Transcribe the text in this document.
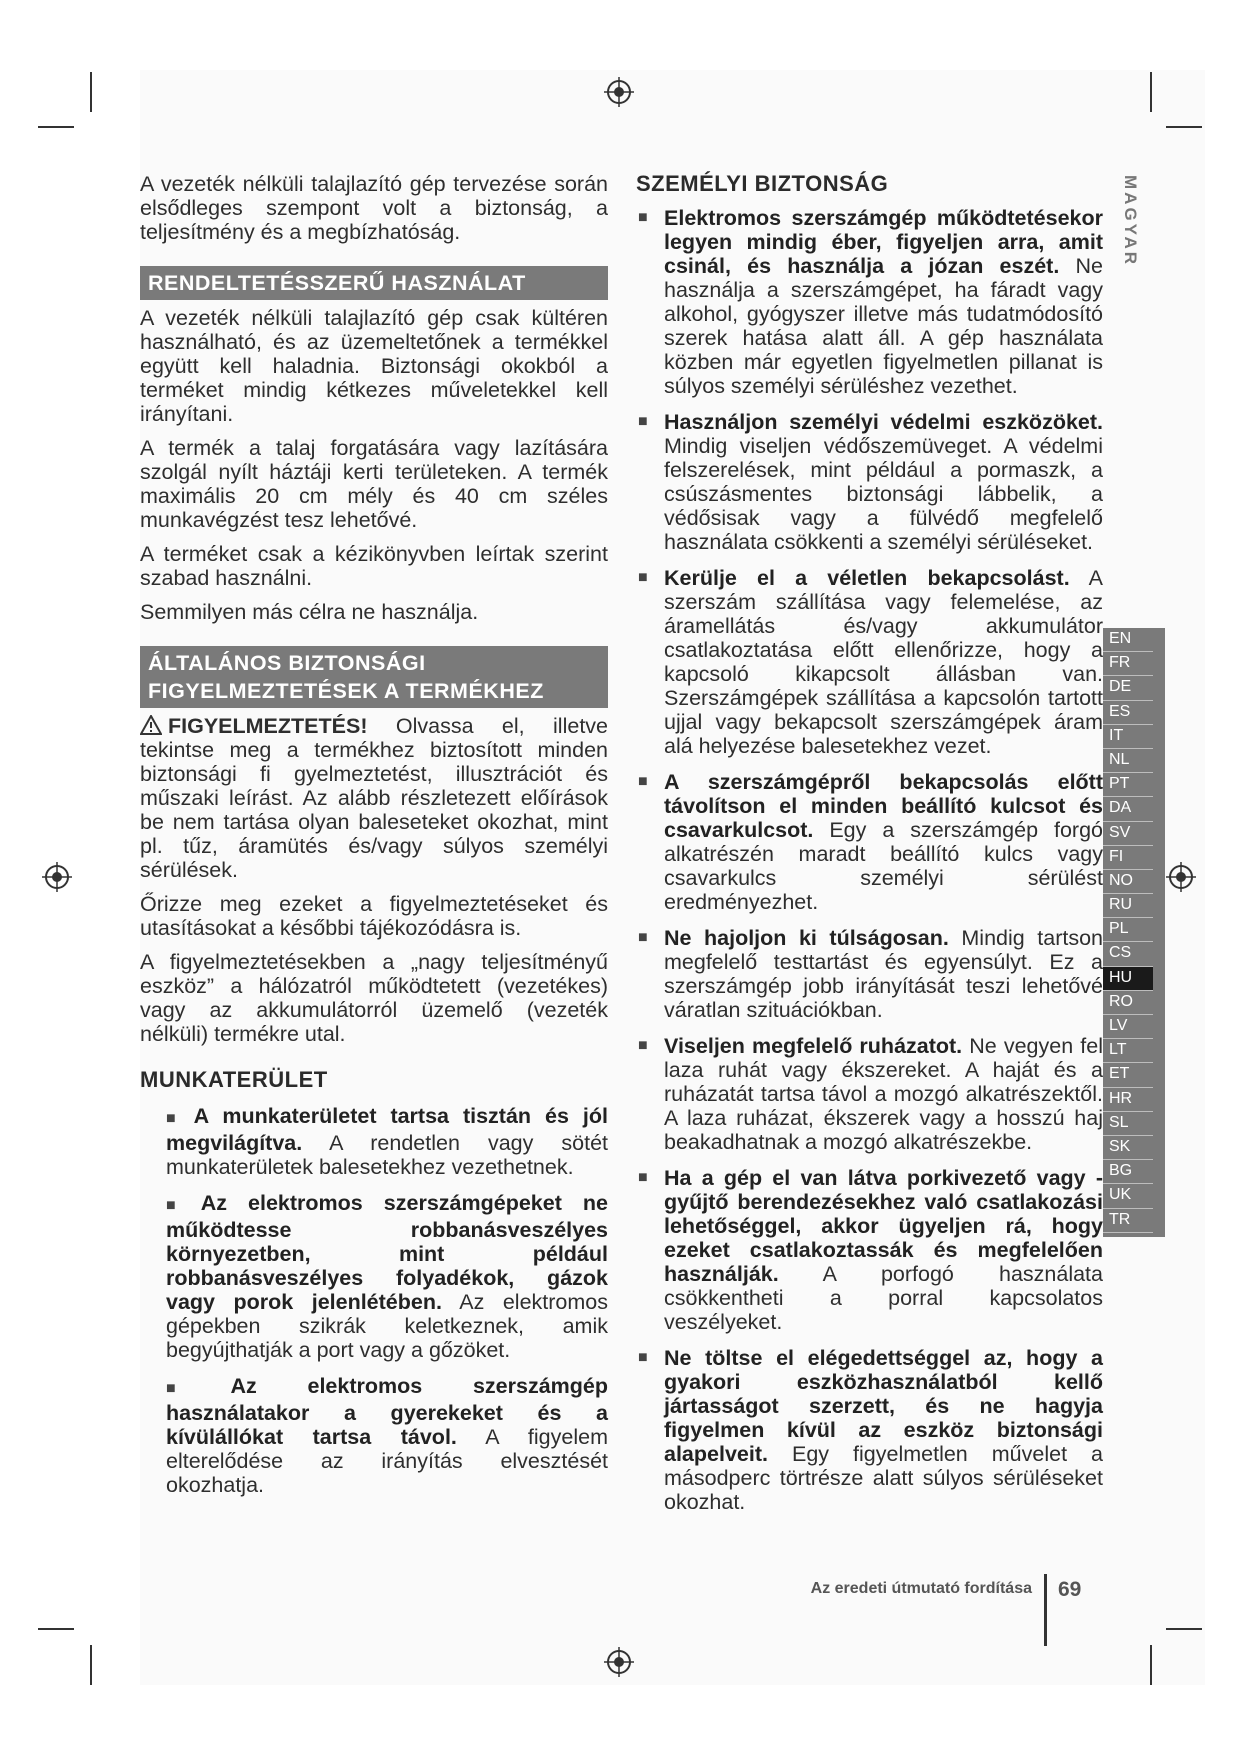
A vezeték nélküli talajlazító gép tervezése során elsődleges szempont volt a biztonság, a teljesítmény és a megbízhatóság.

RENDELTETÉSSZERŰ HASZNÁLAT

A vezeték nélküli talajlazító gép csak kültéren használható, és az üzemeltetőnek a termékkel együtt kell haladnia. Biztonsági okokból a terméket mindig kétkezes műveletekkel kell irányítani.

A termék a talaj forgatására vagy lazítására szolgál nyílt háztáji kerti területeken. A termék maximális 20 cm mély és 40 cm széles munkavégzést tesz lehetővé.

A terméket csak a kézikönyvben leírtak szerint szabad használni.

Semmilyen más célra ne használja.

ÁLTALÁNOS BIZTONSÁGI
FIGYELMEZTETÉSEK A TERMÉKHEZ

FIGYELMEZTETÉS! Olvassa el, illetve tekintse meg a termékhez biztosított minden biztonsági fi gyelmeztetést, illusztrációt és műszaki leírást. Az alább részletezett előírások be nem tartása olyan baleseteket okozhat, mint pl. tűz, áramütés és/vagy súlyos személyi sérülések.

Őrizze meg ezeket a figyelmeztetéseket és utasításokat a későbbi tájékozódásra is.

A figyelmeztetésekben a „nagy teljesítményű eszköz” a hálózatról működtetett (vezetékes) vagy az akkumulátorról üzemelő (vezeték nélküli) termékre utal.

MUNKATERÜLET
■ A munkaterületet tartsa tisztán és jól megvilágítva. A rendetlen vagy sötét munkaterületek balesetekhez vezethetnek.
■ Az elektromos szerszámgépeket ne működtesse robbanásveszélyes környezetben, mint például robbanásveszélyes folyadékok, gázok vagy porok jelenlétében. Az elektromos gépekben szikrák keletkeznek, amik begyújthatják a port vagy a gőzöket.
■ Az elektromos szerszámgép használatakor a gyerekeket és a kívülállókat tartsa távol. A figyelem elterelődése az irányítás elvesztését okozhatja.
SZEMÉLYI BIZTONSÁG
■ Elektromos szerszámgép működtetésekor legyen mindig éber, figyeljen arra, amit csinál, és használja a józan eszét. Ne használja a szerszámgépet, ha fáradt vagy alkohol, gyógyszer illetve más tudatmódosító szerek hatása alatt áll. A gép használata közben már egyetlen figyelmetlen pillanat is súlyos személyi sérüléshez vezethet.
■ Használjon személyi védelmi eszközöket. Mindig viseljen védőszemüveget. A védelmi felszerelések, mint például a pormaszk, a csúszásmentes biztonsági lábbelik, a védősisak vagy a fülvédő megfelelő használata csökkenti a személyi sérüléseket.
■ Kerülje el a véletlen bekapcsolást. A szerszám szállítása vagy felemelése, az áramellátás és/vagy akkumulátor csatlakoztatása előtt ellenőrizze, hogy a kapcsoló kikapcsolt állásban van. Szerszámgépek szállítása a kapcsolón tartott ujjal vagy bekapcsolt szerszámgépek áram alá helyezése balesetekhez vezet.
■ A szerszámgépről bekapcsolás előtt távolítson el minden beállító kulcsot és csavarkulcsot. Egy a szerszámgép forgó alkatrészén maradt beállító kulcs vagy csavarkulcs személyi sérülést eredményezhet.
■ Ne hajoljon ki túlságosan. Mindig tartson megfelelő testtartást és egyensúlyt. Ez a szerszámgép jobb irányítását teszi lehetővé váratlan szituációkban.
■ Viseljen megfelelő ruházatot. Ne vegyen fel laza ruhát vagy ékszereket. A haját és a ruházatát tartsa távol a mozgó alkatrészektől. A laza ruházat, ékszerek vagy a hosszú haj beakadhatnak a mozgó alkatrészekbe.
■ Ha a gép el van látva porkivezető vagy -gyűjtő berendezésekhez való csatlakozási lehetőséggel, akkor ügyeljen rá, hogy ezeket csatlakoztassák és megfelelően használják. A porfogó használata csökkentheti a porral kapcsolatos veszélyeket.
■ Ne töltse el elégedettséggel az, hogy a gyakori eszközhasználatból kellő jártasságot szerzett, és ne hagyja figyelmen kívül az eszköz biztonsági alapelveit. Egy figyelmetlen művelet a másodperc törtrésze alatt súlyos sérüléseket okozhat.
MAGYAR
EN
FR
DE
ES
IT
NL
PT
DA
SV
FI
NO
RU
PL
CS
HU
RO
LV
LT
ET
HR
SL
SK
BG
UK
TR
Az eredeti útmutató fordítása 69
